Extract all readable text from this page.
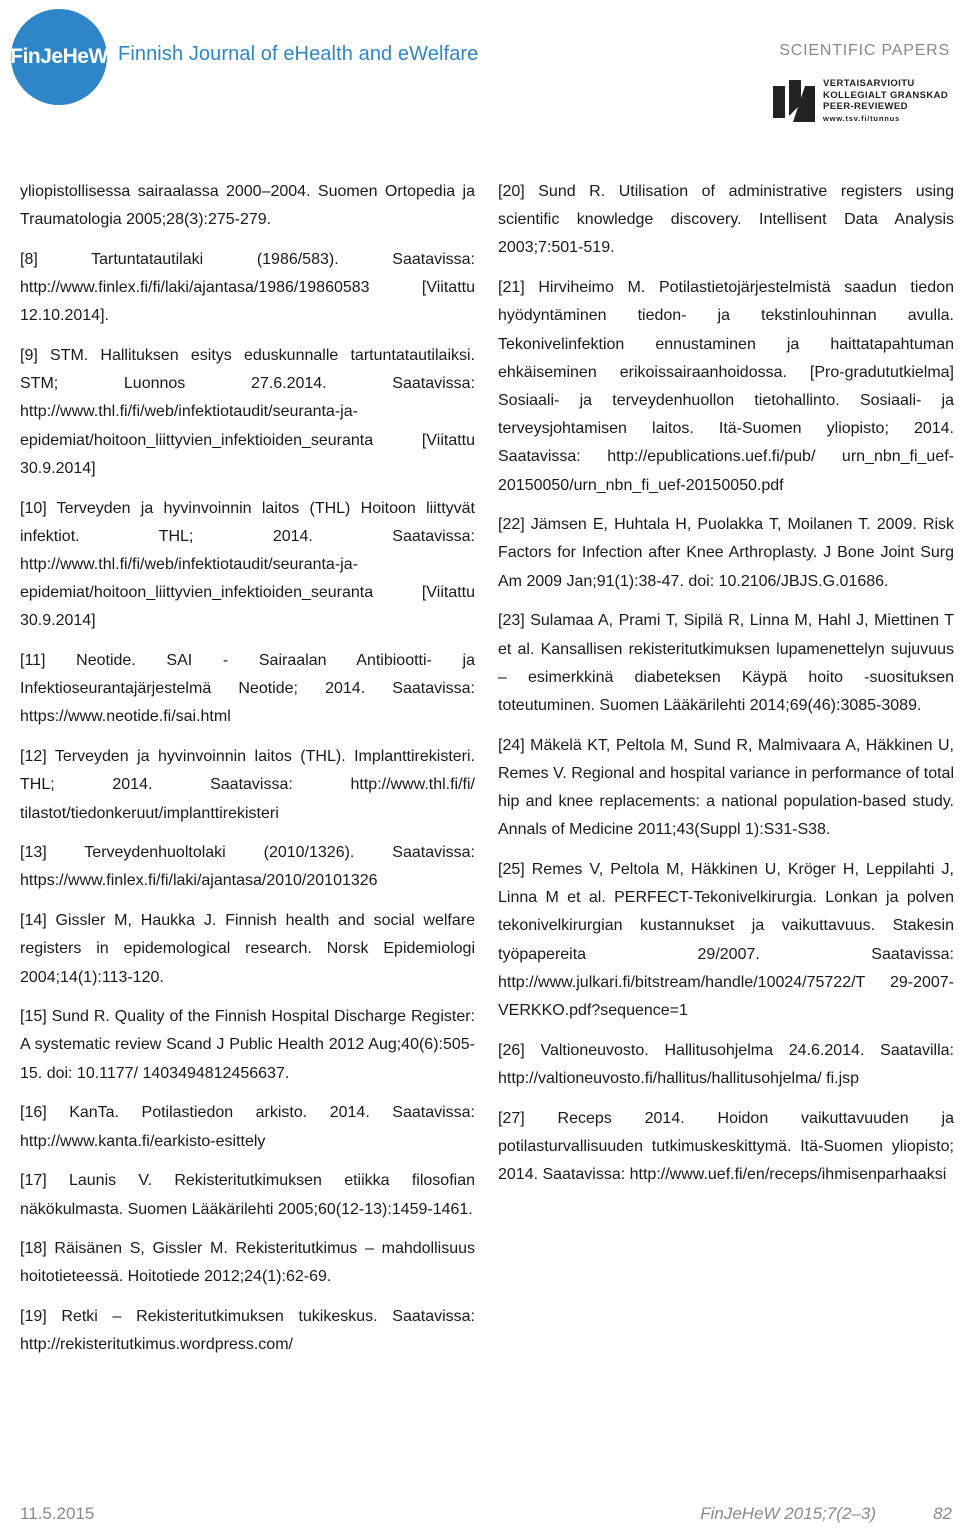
FinJeHeW Finnish Journal of eHealth and eWelfare	SCIENTIFIC PAPERS
VERTAISARVIOITU
KOLLEGIALT GRANSKAD
PEER-REVIEWED
www.tsv.fi/tunnus

yliopistollisessa sairaalassa 2000–2004. Suomen Ortopedia ja Traumatologia 2005;28(3):275-279.

[8] Tartuntatautilaki (1986/583). Saatavissa: http://www.finlex.fi/fi/laki/ajantasa/1986/19860583 [Viitattu 12.10.2014].

[9] STM. Hallituksen esitys eduskunnalle tartuntatautilaiksi. STM; Luonnos 27.6.2014. Saatavissa: http://www.thl.fi/fi/web/infektiotaudit/seuranta-ja-epidemiat/hoitoon_liittyvien_infektioiden_seuranta [Viitattu 30.9.2014]

[10] Terveyden ja hyvinvoinnin laitos (THL) Hoitoon liittyvät infektiot. THL; 2014. Saatavissa: http://www.thl.fi/fi/web/infektiotaudit/seuranta-ja-epidemiat/hoitoon_liittyvien_infektioiden_seuranta [Viitattu 30.9.2014]

[11] Neotide. SAI - Sairaalan Antibiootti- ja Infektioseurantajärjestelmä Neotide; 2014. Saatavissa: https://www.neotide.fi/sai.html

[12] Terveyden ja hyvinvoinnin laitos (THL). Implanttirekisteri. THL; 2014. Saatavissa: http://www.thl.fi/fi/ tilastot/tiedonkeruut/implanttirekisteri

[13] Terveydenhuoltolaki (2010/1326). Saatavissa: https://www.finlex.fi/fi/laki/ajantasa/2010/20101326

[14] Gissler M, Haukka J. Finnish health and social welfare registers in epidemological research. Norsk Epidemiologi 2004;14(1):113-120.

[15] Sund R. Quality of the Finnish Hospital Discharge Register: A systematic review Scand J Public Health 2012 Aug;40(6):505-15. doi: 10.1177/ 1403494812456637.

[16] KanTa. Potilastiedon arkisto. 2014. Saatavissa: http://www.kanta.fi/earkisto-esittely

[17] Launis V. Rekisteritutkimuksen etiikka filosofian näkökulmasta. Suomen Lääkärilehti 2005;60(12-13):1459-1461.

[18] Räisänen S, Gissler M. Rekisteritutkimus – mahdollisuus hoitotieteessä. Hoitotiede 2012;24(1):62-69.

[19] Retki – Rekisteritutkimuksen tukikeskus. Saatavissa: http://rekisteritutkimus.wordpress.com/

[20] Sund R. Utilisation of administrative registers using scientific knowledge discovery. Intellisent Data Analysis 2003;7:501-519.

[21] Hirviheimo M. Potilastietojärjestelmistä saadun tiedon hyödyntäminen tiedon- ja tekstinlouhinnan avulla. Tekonivelinfektion ennustaminen ja haittatapahtuman ehkäiseminen erikoissairaanhoidossa. [Pro-gradututkielma] Sosiaali- ja terveydenhuollon tietohallinto. Sosiaali- ja terveysjohtamisen laitos. Itä-Suomen yliopisto; 2014. Saatavissa: http://epublications.uef.fi/pub/ urn_nbn_fi_uef-20150050/urn_nbn_fi_uef-20150050.pdf

[22] Jämsen E, Huhtala H, Puolakka T, Moilanen T. 2009. Risk Factors for Infection after Knee Arthroplasty. J Bone Joint Surg Am 2009 Jan;91(1):38-47. doi: 10.2106/JBJS.G.01686.

[23] Sulamaa A, Prami T, Sipilä R, Linna M, Hahl J, Miettinen T et al. Kansallisen rekisteritutkimuksen lupamenettelyn sujuvuus – esimerkkinä diabeteksen Käypä hoito -suosituksen toteutuminen. Suomen Lääkärilehti 2014;69(46):3085-3089.

[24] Mäkelä KT, Peltola M, Sund R, Malmivaara A, Häkkinen U, Remes V. Regional and hospital variance in performance of total hip and knee replacements: a national population-based study. Annals of Medicine 2011;43(Suppl 1):S31-S38.

[25] Remes V, Peltola M, Häkkinen U, Kröger H, Leppilahti J, Linna M et al. PERFECT-Tekonivelkirurgia. Lonkan ja polven tekonivelkirurgian kustannukset ja vaikuttavuus. Stakesin työpapereita 29/2007. Saatavissa: http://www.julkari.fi/bitstream/handle/10024/75722/T 29-2007-VERKKO.pdf?sequence=1

[26] Valtioneuvosto. Hallitusohjelma 24.6.2014. Saatavilla: http://valtioneuvosto.fi/hallitus/hallitusohjelma/ fi.jsp

[27] Receps 2014. Hoidon vaikuttavuuden ja potilasturvallisuuden tutkimuskeskittymä. Itä-Suomen yliopisto; 2014. Saatavissa: http://www.uef.fi/en/receps/ihmisenparhaaksi

11.5.2015	FinJeHeW 2015;7(2–3)	82
